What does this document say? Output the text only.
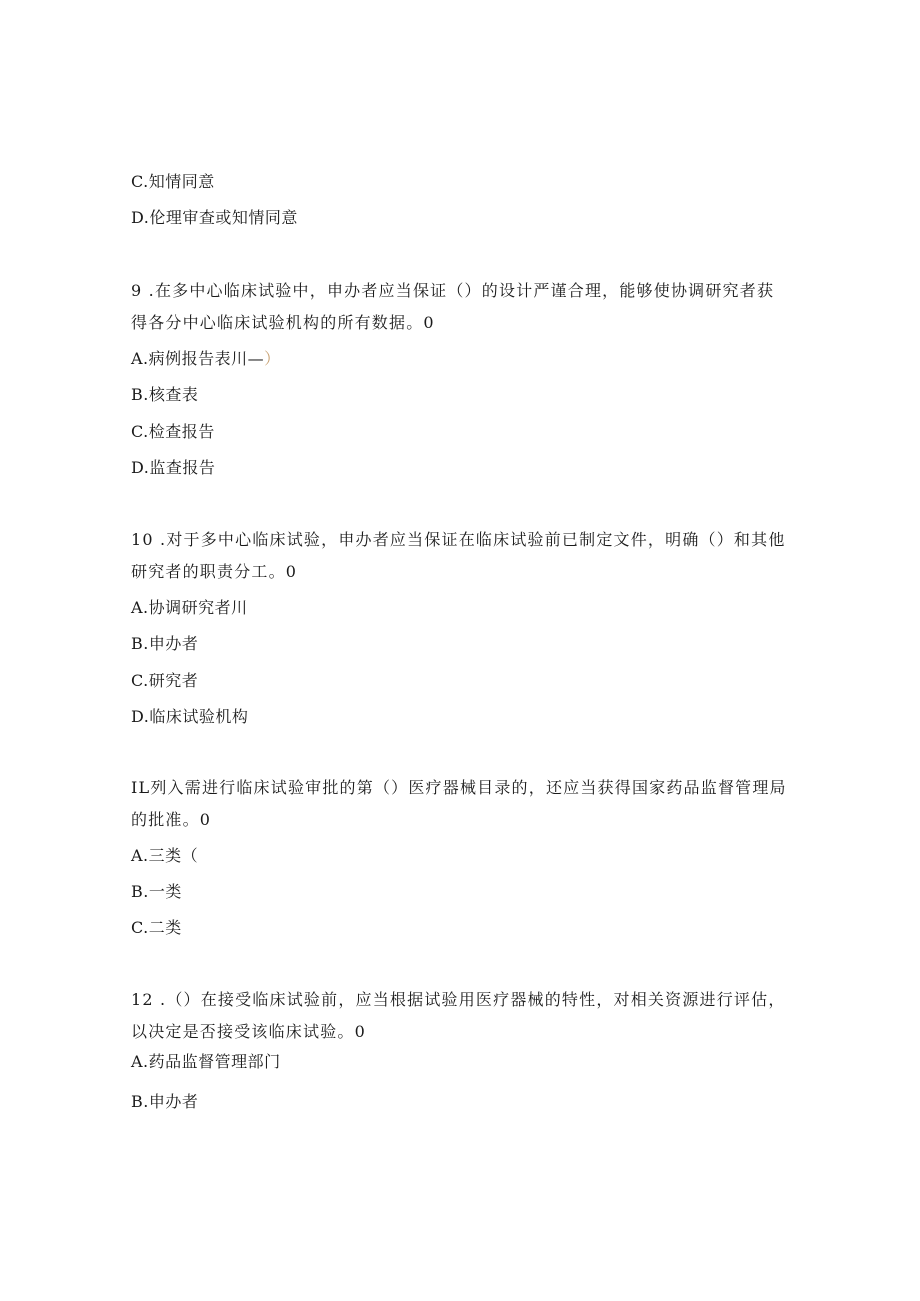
C.知情同意
D.伦理审查或知情同意
9 .在多中心临床试验中，申办者应当保证（）的设计严谨合理，能够使协调研究者获
得各分中心临床试验机构的所有数据。0
A.病例报告表川—）
B.核查表
C.检查报告
D.监查报告
10 .对于多中心临床试验，申办者应当保证在临床试验前已制定文件，明确（）和其他
研究者的职责分工。0
A.协调研究者川
B.申办者
C.研究者
D.临床试验机构
IL列入需进行临床试验审批的第（）医疗器械目录的，还应当获得国家药品监督管理局
的批准。0
A.三类（
B.一类
C.二类
12 .（）在接受临床试验前，应当根据试验用医疗器械的特性，对相关资源进行评估，
以决定是否接受该临床试验。0
A.药品监督管理部门
B.申办者
